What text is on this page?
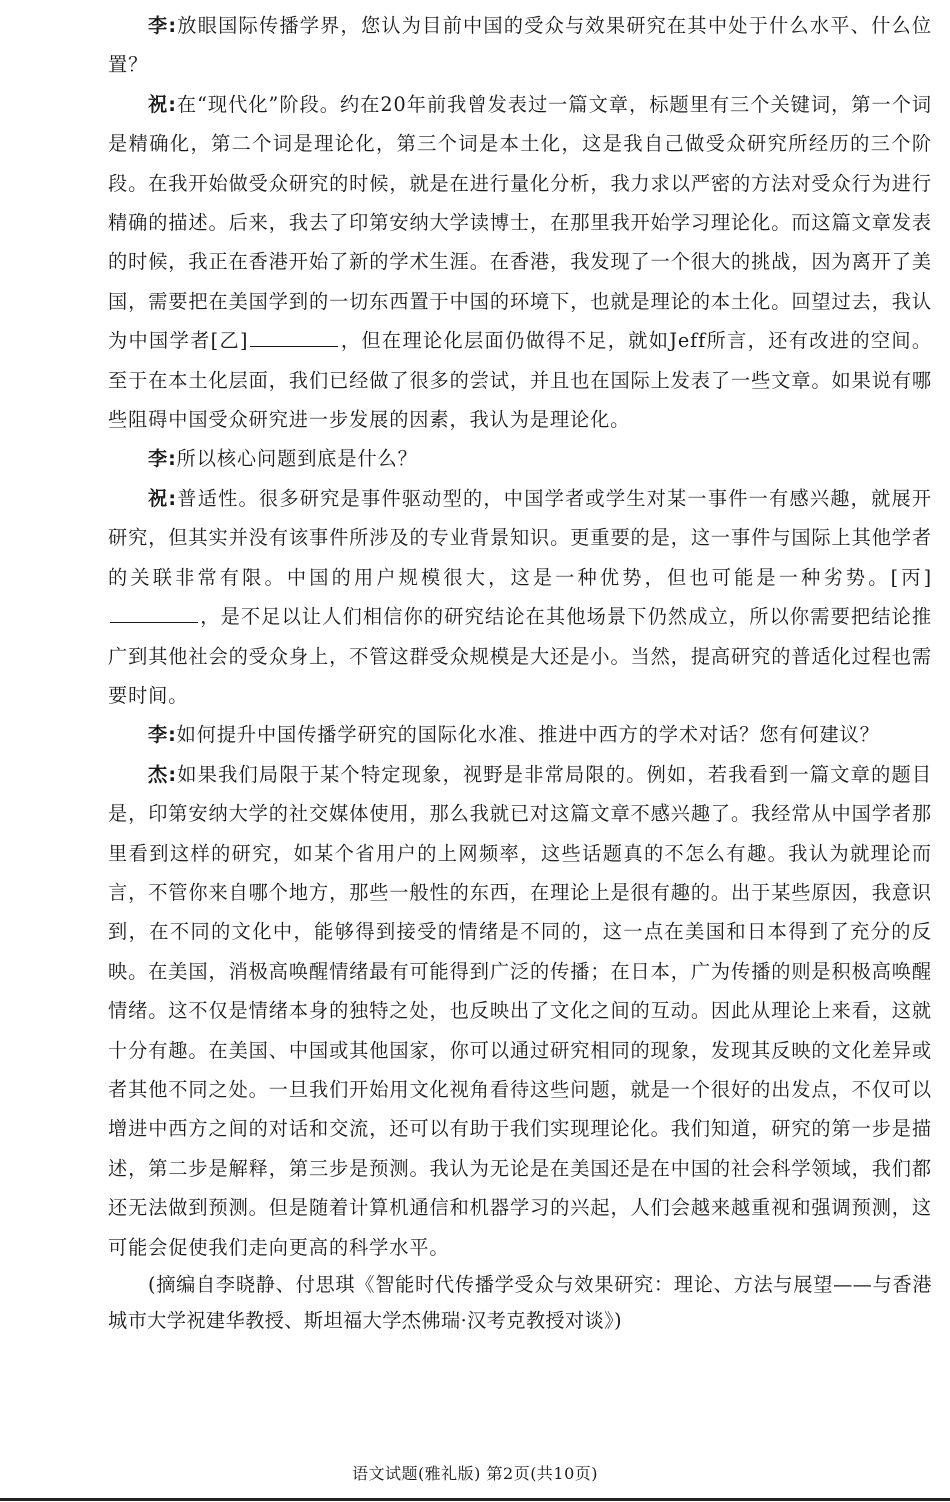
李:放眼国际传播学界，您认为目前中国的受众与效果研究在其中处于什么水平、什么位置？

祝:在“现代化”阶段。约在20年前我曾发表过一篇文章，标题里有三个关键词，第一个词是精确化，第二个词是理论化，第三个词是本土化，这是我自己做受众研究所经历的三个阶段。在我开始做受众研究的时候，就是在进行量化分析，我力求以严密的方法对受众行为进行精确的描述。后来，我去了印第安纳大学读博士，在那里我开始学习理论化。而这篇文章发表的时候，我正在香港开始了新的学术生涯。在香港，我发现了一个很大的挑战，因为离开了美国，需要把在美国学到的一切东西置于中国的环境下，也就是理论的本土化。回望过去，我认为中国学者[乙]	，但在理论化层面仍做得不足，就如Jeff所言，还有改进的空间。至于在本土化层面，我们已经做了很多的尝试，并且也在国际上发表了一些文章。如果说有哪些阻碍中国受众研究进一步发展的因素，我认为是理论化。

李:所以核心问题到底是什么？

祝:普适性。很多研究是事件驱动型的，中国学者或学生对某一事件一有感兴趣，就展开研究，但其实并没有该事件所涉及的专业背景知识。更重要的是，这一事件与国际上其他学者的关联非常有限。中国的用户规模很大，这是一种优势，但也可能是一种劣势。[丙]，是不足以让人们相信你的研究结论在其他场景下仍然成立，所以你需要把结论推广到其他社会的受众身上，不管这群受众规模是大还是小。当然，提高研究的普适化过程也需要时间。

李:如何提升中国传播学研究的国际化水准、推进中西方的学术对话？您有何建议？

杰:如果我们局限于某个特定现象，视野是非常局限的。例如，若我看到一篇文章的题目是，印第安纳大学的社交媒体使用，那么我就已对这篇文章不感兴趣了。我经常从中国学者那里看到这样的研究，如某个省用户的上网频率，这些话题真的不怎么有趣。我认为就理论而言，不管你来自哪个地方，那些一般性的东西，在理论上是很有趣的。出于某些原因，我意识到，在不同的文化中，能够得到接受的情绪是不同的，这一点在美国和日本得到了充分的反映。在美国，消极高唤醒情绪最有可能得到广泛的传播；在日本，广为传播的则是积极高唤醒情绪。这不仅是情绪本身的独特之处，也反映出了文化之间的互动。因此从理论上来看，这就十分有趣。在美国、中国或其他国家，你可以通过研究相同的现象，发现其反映的文化差异或者其他不同之处。一旦我们开始用文化视角看待这些问题，就是一个很好的出发点，不仅可以增进中西方之间的对话和交流，还可以有助于我们实现理论化。我们知道，研究的第一步是描述，第二步是解释，第三步是预测。我认为无论是在美国还是在中国的社会科学领域，我们都还无法做到预测。但是随着计算机通信和机器学习的兴起，人们会越来越重视和强调预测，这可能会促使我们走向更高的科学水平。

(摘编自李晓静、付思琪《智能时代传播学受众与效果研究：理论、方法与展望——与香港城市大学祝建华教授、斯坦福大学杰佛瑞·汉考克教授对谈》)

语文试题(雅礼版) 第2页(共10页)
